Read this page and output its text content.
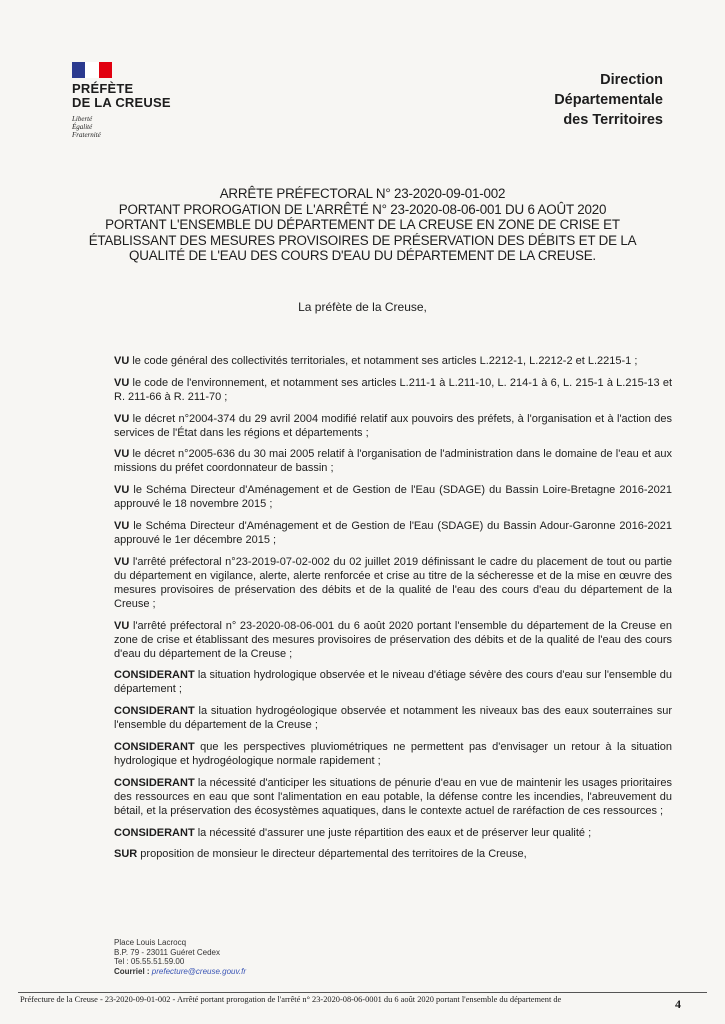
PRÉFÈTE
DE LA CREUSE
Liberté
Égalité
Fraternité
Direction
Départementale
des Territoires
ARRÊTE PRÉFECTORAL N° 23-2020-09-01-002
PORTANT PROROGATION DE L'ARRÊTÉ N° 23-2020-08-06-001 DU 6 AOÛT 2020
PORTANT L'ENSEMBLE DU DÉPARTEMENT DE LA CREUSE EN ZONE DE CRISE ET
ÉTABLISSANT DES MESURES PROVISOIRES DE PRÉSERVATION DES DÉBITS ET DE LA
QUALITÉ DE L'EAU DES COURS D'EAU DU DÉPARTEMENT DE LA CREUSE.
La préfète de la Creuse,

VU le code général des collectivités territoriales, et notamment ses articles L.2212-1, L.2212-2 et L.2215-1 ;

VU le code de l'environnement, et notamment ses articles L.211-1 à L.211-10, L. 214-1 à 6, L. 215-1 à L.215-13 et R. 211-66 à R. 211-70 ;

VU le décret n°2004-374 du 29 avril 2004 modifié relatif aux pouvoirs des préfets, à l'organisation et à l'action des services de l'État dans les régions et départements ;

VU le décret n°2005-636 du 30 mai 2005 relatif à l'organisation de l'administration dans le domaine de l'eau et aux missions du préfet coordonnateur de bassin ;

VU le Schéma Directeur d'Aménagement et de Gestion de l'Eau (SDAGE) du Bassin Loire-Bretagne 2016-2021 approuvé le 18 novembre 2015 ;

VU le Schéma Directeur d'Aménagement et de Gestion de l'Eau (SDAGE) du Bassin Adour-Garonne 2016-2021 approuvé le 1er décembre 2015 ;

VU l'arrêté préfectoral n°23-2019-07-02-002 du 02 juillet 2019 définissant le cadre du placement de tout ou partie du département en vigilance, alerte, alerte renforcée et crise au titre de la sécheresse et de la mise en œuvre des mesures provisoires de préservation des débits et de la qualité de l'eau des cours d'eau du département de la Creuse ;

VU l'arrêté préfectoral n° 23-2020-08-06-001 du 6 août 2020 portant l'ensemble du département de la Creuse en zone de crise et établissant des mesures provisoires de préservation des débits et de la qualité de l'eau des cours d'eau du département de la Creuse ;

CONSIDERANT la situation hydrologique observée et le niveau d'étiage sévère des cours d'eau sur l'ensemble du département ;

CONSIDERANT la situation hydrogéologique observée et notamment les niveaux bas des eaux souterraines sur l'ensemble du département de la Creuse ;

CONSIDERANT que les perspectives pluviométriques ne permettent pas d'envisager un retour à la situation hydrologique et hydrogéologique normale rapidement ;

CONSIDERANT la nécessité d'anticiper les situations de pénurie d'eau en vue de maintenir les usages prioritaires des ressources en eau que sont l'alimentation en eau potable, la défense contre les incendies, l'abreuvement du bétail, et la préservation des écosystèmes aquatiques, dans le contexte actuel de raréfaction de ces ressources ;

CONSIDERANT la nécessité d'assurer une juste répartition des eaux et de préserver leur qualité ;

SUR proposition de monsieur le directeur départemental des territoires de la Creuse,

Place Louis Lacrocq
B.P. 79 - 23011 Guéret Cedex
Tel : 05.55.51.59.00
Courriel : prefecture@creuse.gouv.fr
Préfecture de la Creuse - 23-2020-09-01-002 - Arrêté portant prorogation de l'arrêté n° 23-2020-08-06-0001 du 6 août 2020 portant l'ensemble du département de	4
